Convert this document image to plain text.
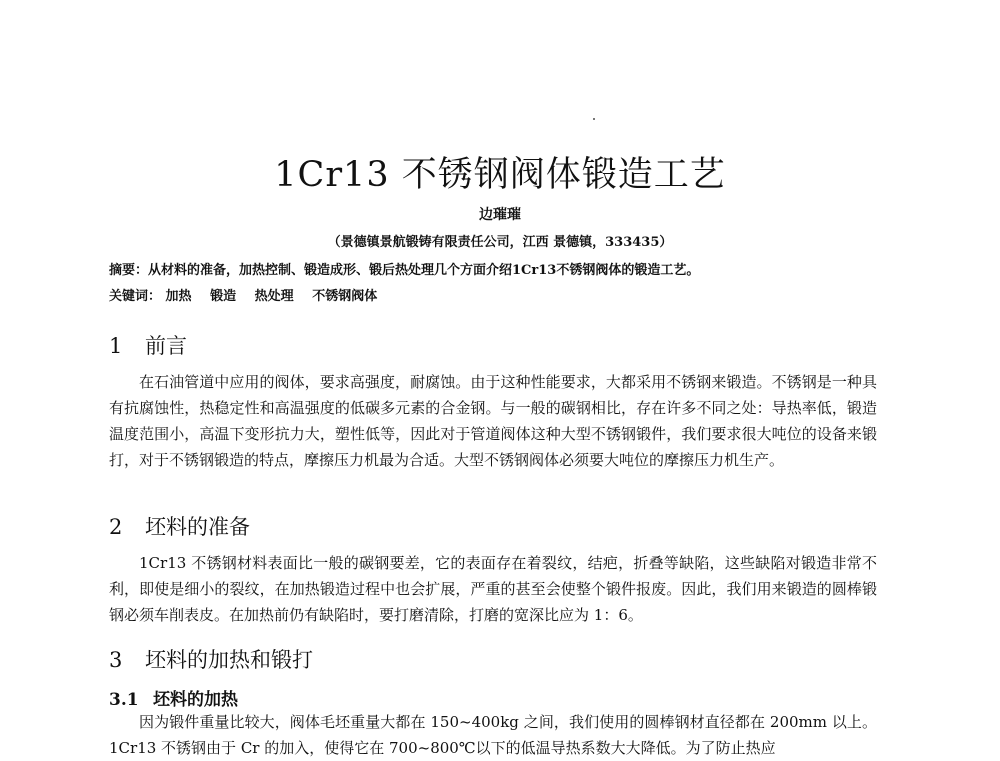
1Cr13 不锈钢阀体锻造工艺
边璀璀
（景德镇景航锻铸有限责任公司，江西 景德镇，333435）
摘要：从材料的准备，加热控制、锻造成形、锻后热处理几个方面介绍1Cr13不锈钢阀体的锻造工艺。
关键词： 加热 锻造 热处理 不锈钢阀体
1 前言

在石油管道中应用的阀体，要求高强度，耐腐蚀。由于这种性能要求，大都采用不锈钢来锻造。不锈钢是一种具有抗腐蚀性，热稳定性和高温强度的低碳多元素的合金钢。与一般的碳钢相比，存在许多不同之处：导热率低，锻造温度范围小，高温下变形抗力大，塑性低等，因此对于管道阀体这种大型不锈钢锻件，我们要求很大吨位的设备来锻打，对于不锈钢锻造的特点，摩擦压力机最为合适。大型不锈钢阀体必须要大吨位的摩擦压力机生产。

2 坯料的准备

1Cr13 不锈钢材料表面比一般的碳钢要差，它的表面存在着裂纹，结疤，折叠等缺陷，这些缺陷对锻造非常不利，即使是细小的裂纹，在加热锻造过程中也会扩展，严重的甚至会使整个锻件报废。因此，我们用来锻造的圆棒锻钢必须车削表皮。在加热前仍有缺陷时，要打磨清除，打磨的宽深比应为 1：6。

3 坯料的加热和锻打
3.1 坯料的加热

因为锻件重量比较大，阀体毛坯重量大都在 150~400kg 之间，我们使用的圆棒钢材直径都在 200mm 以上。1Cr13 不锈钢由于 Cr 的加入，使得它在 700~800℃以下的低温导热系数大大降低。为了防止热应
